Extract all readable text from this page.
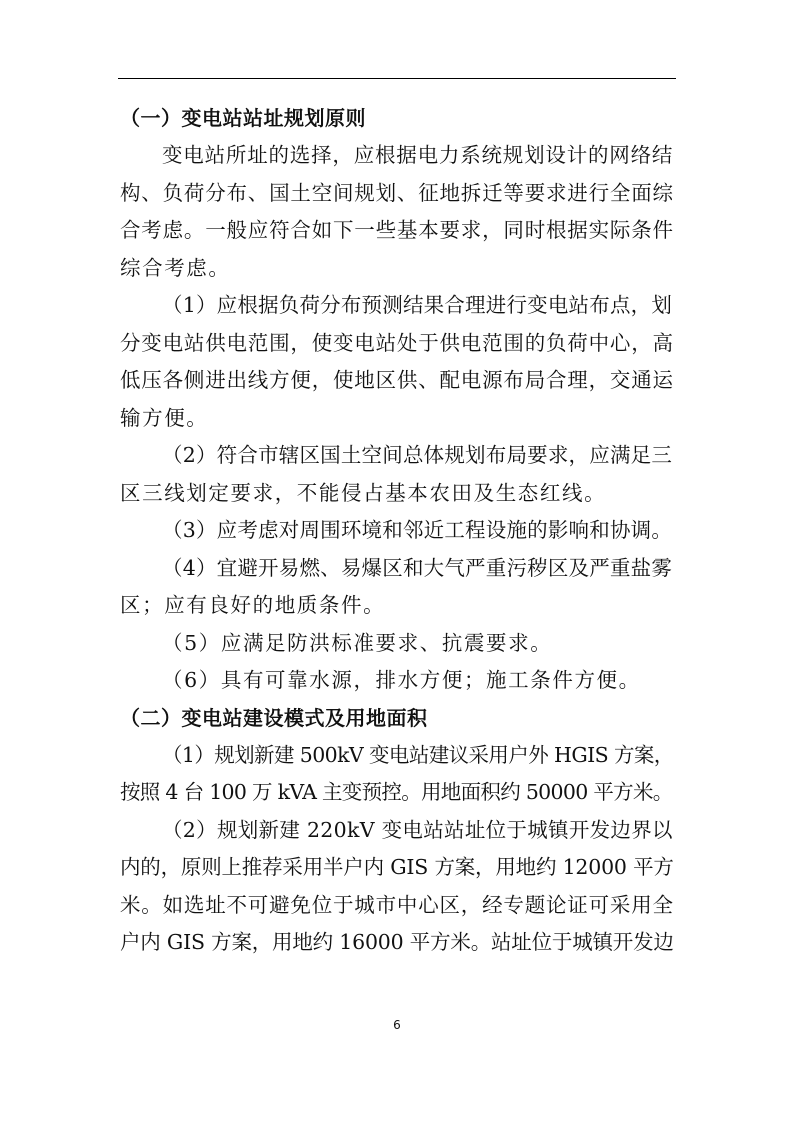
（一）变电站站址规划原则
变电站所址的选择，应根据电力系统规划设计的网络结
构、负荷分布、国土空间规划、征地拆迁等要求进行全面综
合考虑。一般应符合如下一些基本要求，同时根据实际条件
综合考虑。
（1）应根据负荷分布预测结果合理进行变电站布点，划
分变电站供电范围，使变电站处于供电范围的负荷中心，高
低压各侧进出线方便，使地区供、配电源布局合理，交通运
输方便。
（2）符合市辖区国土空间总体规划布局要求，应满足三
区三线划定要求，不能侵占基本农田及生态红线。
（3）应考虑对周围环境和邻近工程设施的影响和协调。
（4）宜避开易燃、易爆区和大气严重污秽区及严重盐雾
区；应有良好的地质条件。
（5）应满足防洪标准要求、抗震要求。
（6）具有可靠水源，排水方便；施工条件方便。
（二）变电站建设模式及用地面积
（1）规划新建 500kV 变电站建议采用户外 HGIS 方案，
按照 4 台 100 万 kVA 主变预控。用地面积约 50000 平方米。
（2）规划新建 220kV 变电站站址位于城镇开发边界以
内的，原则上推荐采用半户内 GIS 方案，用地约 12000 平方
米。如选址不可避免位于城市中心区，经专题论证可采用全
户内 GIS 方案，用地约 16000 平方米。站址位于城镇开发边
6
